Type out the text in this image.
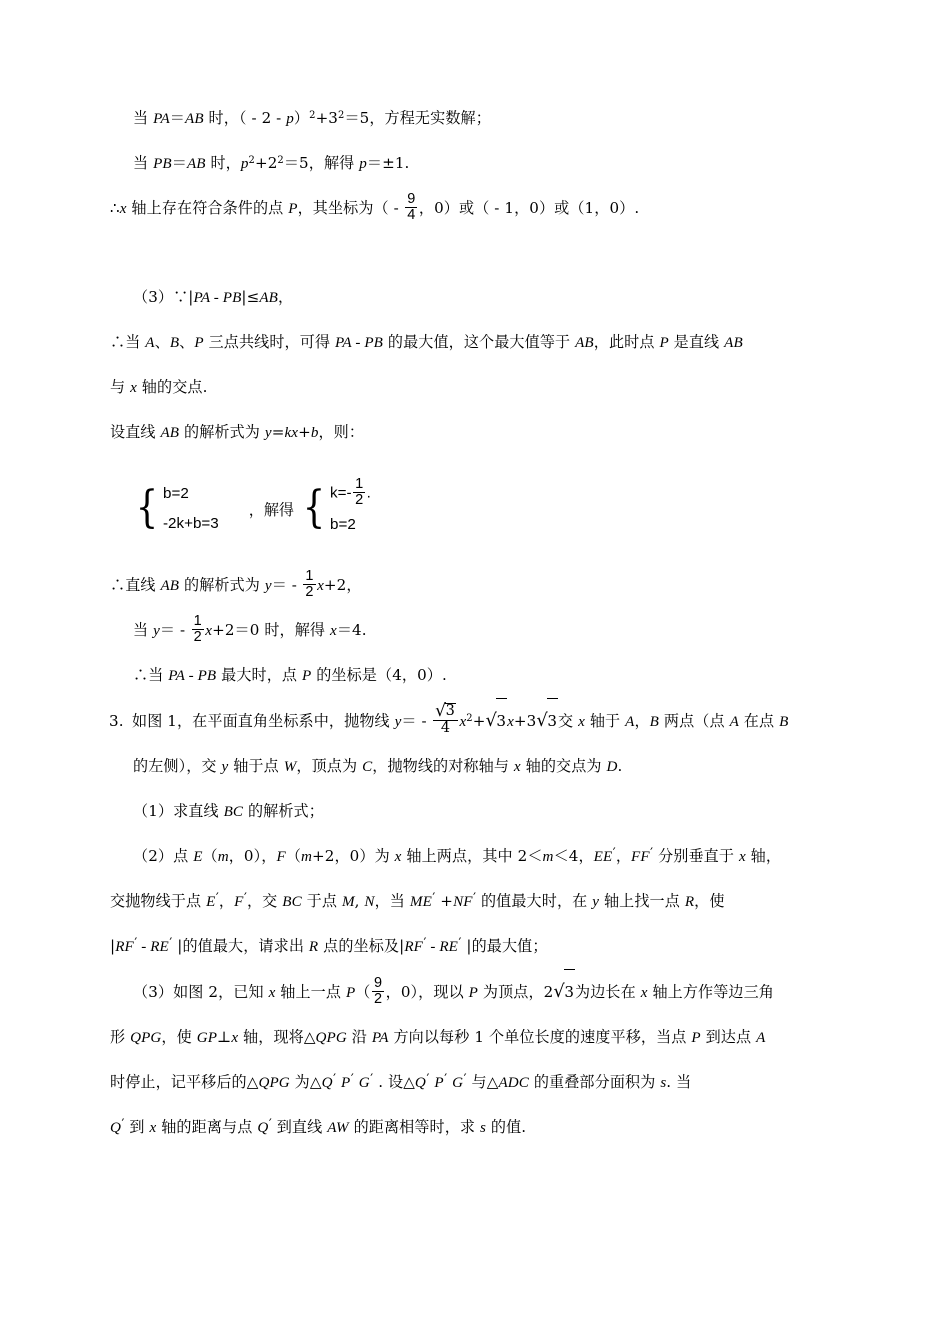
当 PA＝AB 时，（ - $2 - p)^2+3^2=5$，方程无实数解；
当 PB＝AB 时，$p^2+2^2=5$，解得 p＝±1.
∴x 轴上存在符合条件的点 P，其坐标为（ - $\frac{9}{4}$ ，0）或（ - 1，0）或（1，0）.
（3）∵|PA - PB|≤AB，
∴当 A、B、P 三点共线时，可得 PA - PB 的最大值，这个最大值等于 AB，此时点 P 是直线 AB
与 x 轴的交点.
设直线 AB 的解析式为 y=kx+b，则：
{ b=2
-2k+b=3
，解得 { $k=- \frac{1}{2}$ .
b=2
∴直线 AB 的解析式为 $y= - \frac{1}{2} x+2$，
当 $y= - \frac{1}{2} x+2=0$ 时，解得 x＝4.
∴当 PA - PB 最大时，点 P 的坐标是（4，0）.
3. 如图 1，在平面直角坐标系中，抛物线 $y= - \frac{√3}{4} x^2+√3x+3√3$交 x 轴于 A，B 两点（点 A 在点 B
的左侧），交 y 轴于点 W，顶点为 C，抛物线的对称轴与 x 轴的交点为 D.
（1）求直线 BC 的解析式；
（2）点 E（m，0），F（m+2，0）为 x 轴上两点，其中 2＜m＜4，EE′，FF′ 分别垂直于 x 轴，
交抛物线于点 E′，F′，交 BC 于点 M, N，当 ME′ +NF′ 的值最大时，在 y 轴上找一点 R，使
|RF′ - RE′ |的值最大，请求出 R 点的坐标及|RF′ - RE′ |的最大值；
（3）如图 2，已知 x 轴上一点 $P( \frac{9}{2}$ ，0），现以 P 为顶点，2√3为边长在 x 轴上方作等边三角
形 QPG，使 GP⊥x 轴，现将△QPG 沿 PA 方向以每秒 1 个单位长度的速度平移，当点 P 到达点 A
时停止，记平移后的△QPG 为△Q′ P′ G′ . 设△Q′ P′ G′ 与△ADC 的重叠部分面积为 s. 当
Q′ 到 x 轴的距离与点 Q′ 到直线 AW 的距离相等时，求 s 的值.
